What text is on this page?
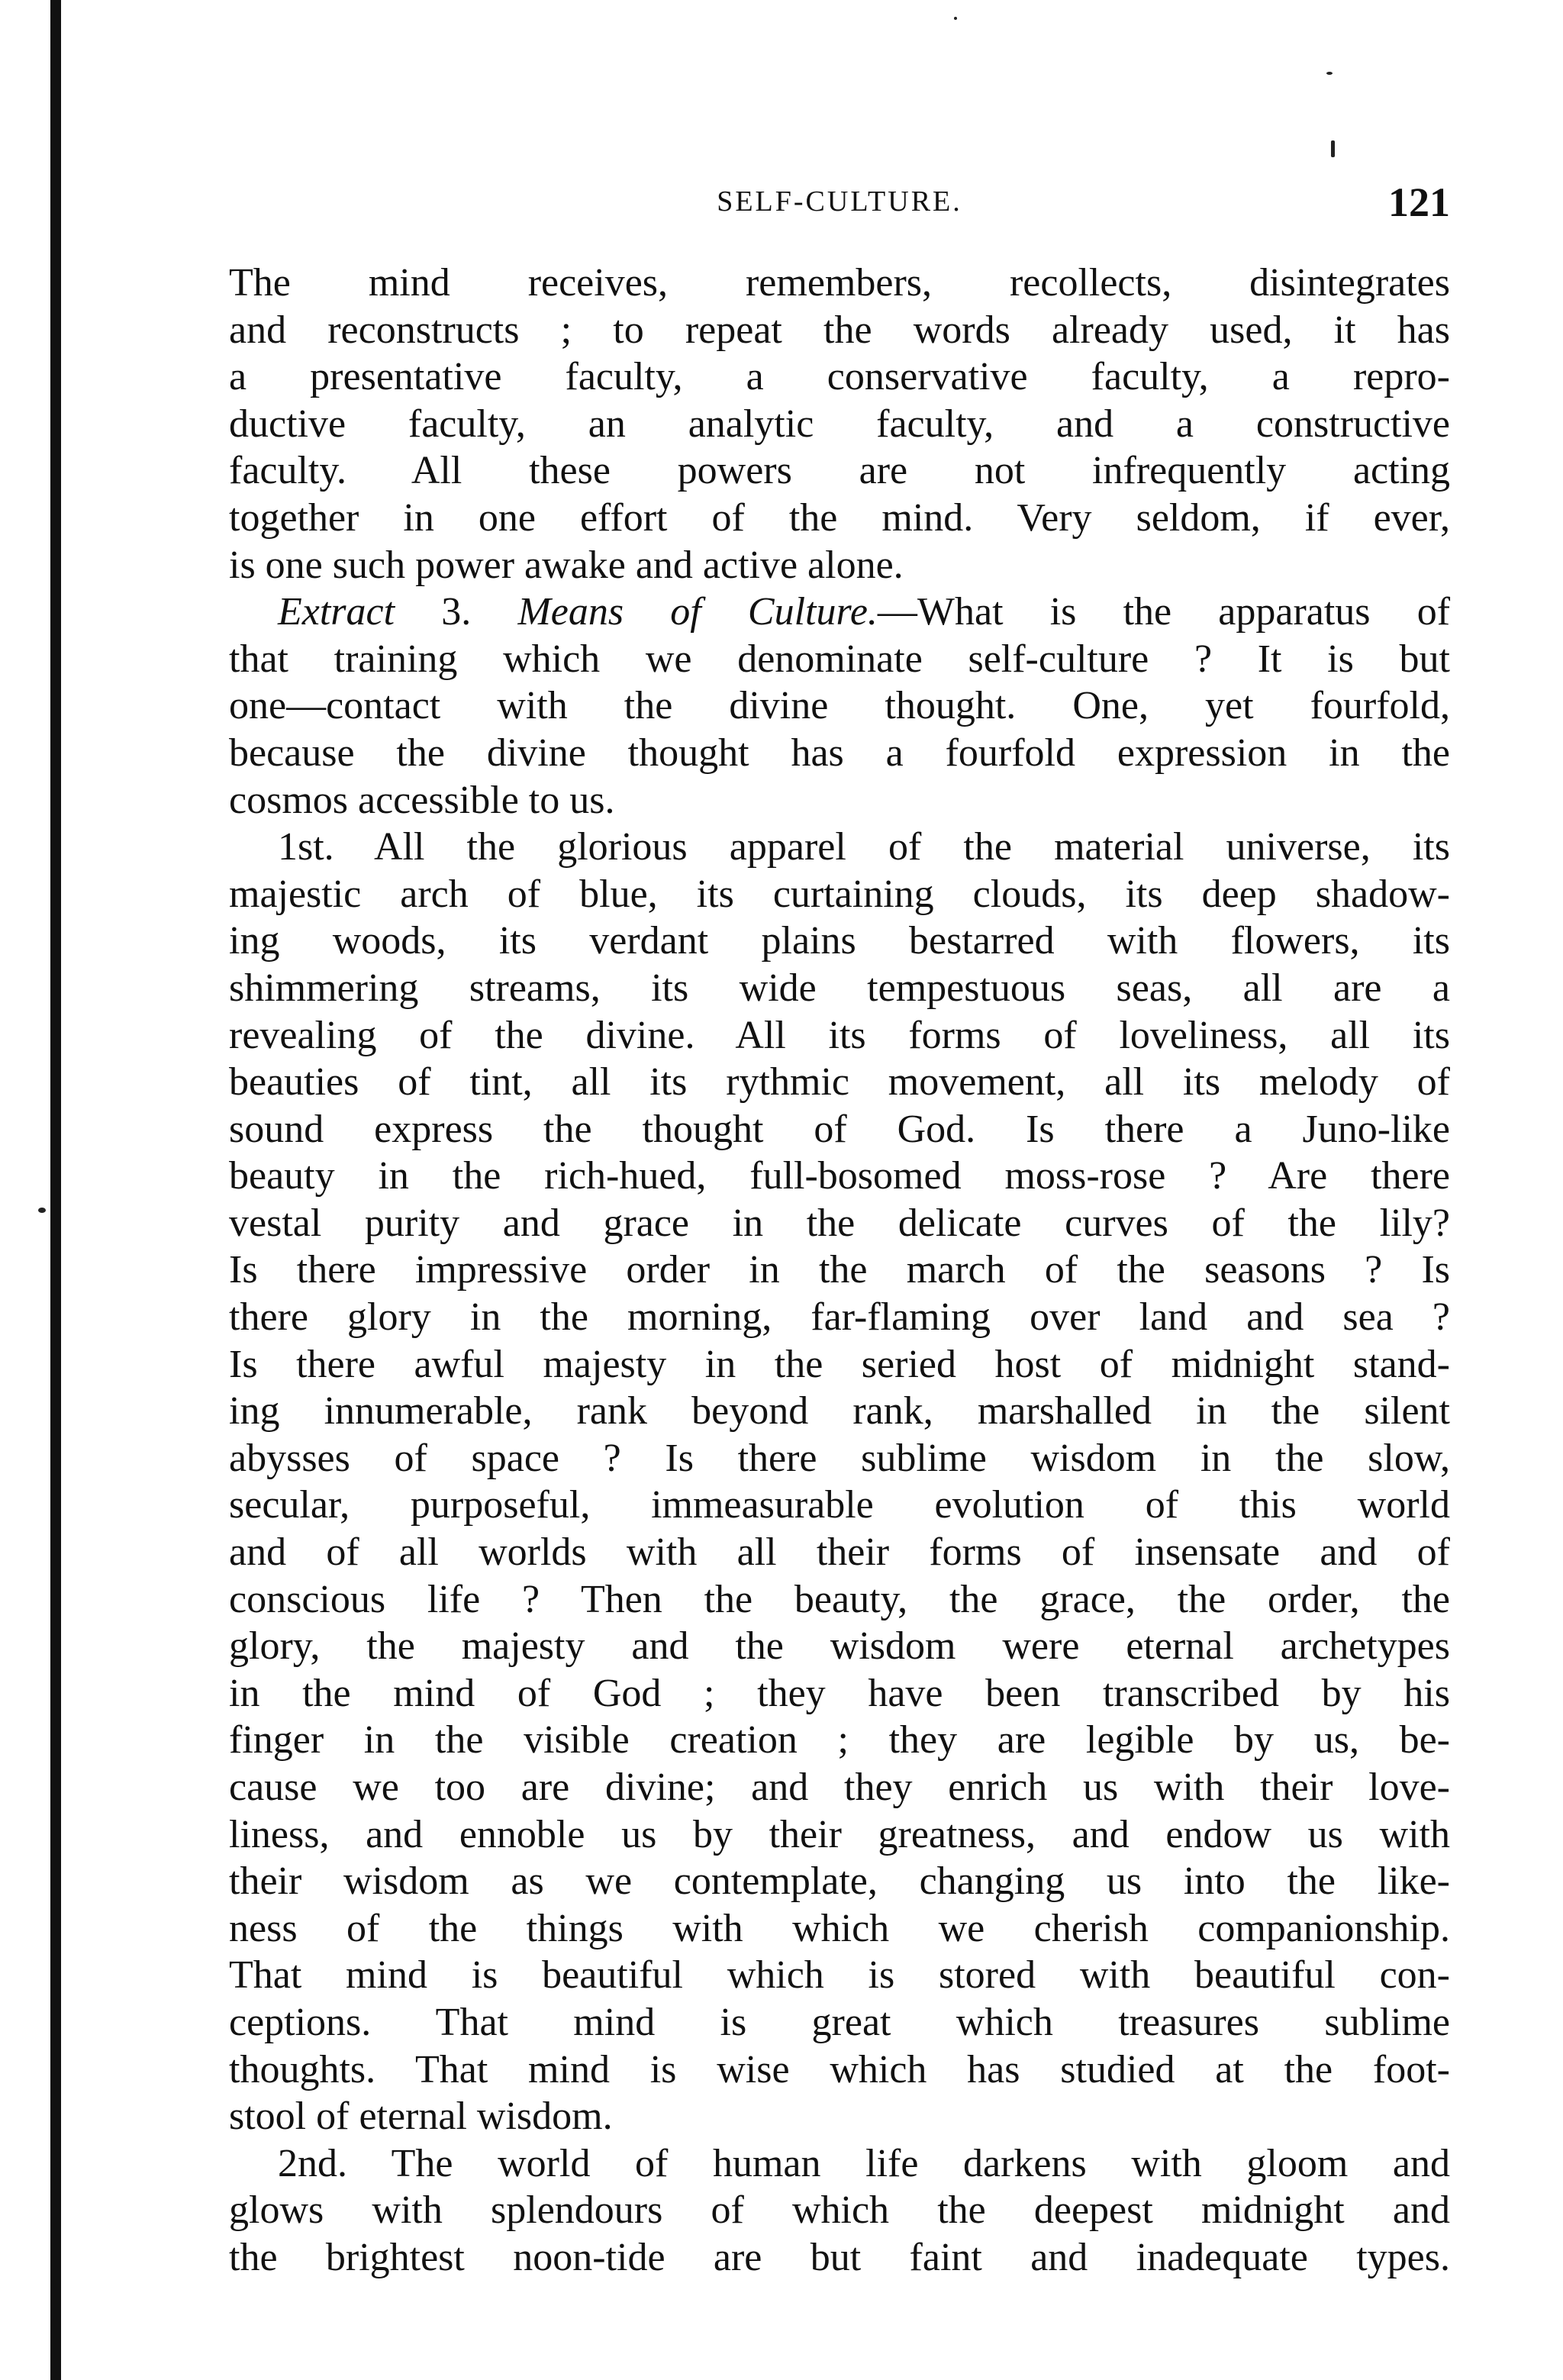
SELF-CULTURE.	121
The mind receives, remembers, recollects, disintegrates
and reconstructs ; to repeat the words already used, it has
a presentative faculty, a conservative faculty, a repro-
ductive faculty, an analytic faculty, and a constructive
faculty. All these powers are not infrequently acting
together in one effort of the mind. Very seldom, if ever,
is one such power awake and active alone.
Extract 3. Means of Culture.—What is the apparatus of
that training which we denominate self-culture ? It is but
one—contact with the divine thought. One, yet fourfold,
because the divine thought has a fourfold expression in the
cosmos accessible to us.
1st. All the glorious apparel of the material universe, its
majestic arch of blue, its curtaining clouds, its deep shadow-
ing woods, its verdant plains bestarred with flowers, its
shimmering streams, its wide tempestuous seas, all are a
revealing of the divine. All its forms of loveliness, all its
beauties of tint, all its rythmic movement, all its melody of
sound express the thought of God. Is there a Juno-like
beauty in the rich-hued, full-bosomed moss-rose ? Are there
vestal purity and grace in the delicate curves of the lily?
Is there impressive order in the march of the seasons ? Is
there glory in the morning, far-flaming over land and sea ?
Is there awful majesty in the seried host of midnight stand-
ing innumerable, rank beyond rank, marshalled in the silent
abysses of space ? Is there sublime wisdom in the slow,
secular, purposeful, immeasurable evolution of this world
and of all worlds with all their forms of insensate and of
conscious life ? Then the beauty, the grace, the order, the
glory, the majesty and the wisdom were eternal archetypes
in the mind of God ; they have been transcribed by his
finger in the visible creation ; they are legible by us, be-
cause we too are divine; and they enrich us with their love-
liness, and ennoble us by their greatness, and endow us with
their wisdom as we contemplate, changing us into the like-
ness of the things with which we cherish companionship.
That mind is beautiful which is stored with beautiful con-
ceptions. That mind is great which treasures sublime
thoughts. That mind is wise which has studied at the foot-
stool of eternal wisdom.
2nd. The world of human life darkens with gloom and
glows with splendours of which the deepest midnight and
the brightest noon-tide are but faint and inadequate types.
